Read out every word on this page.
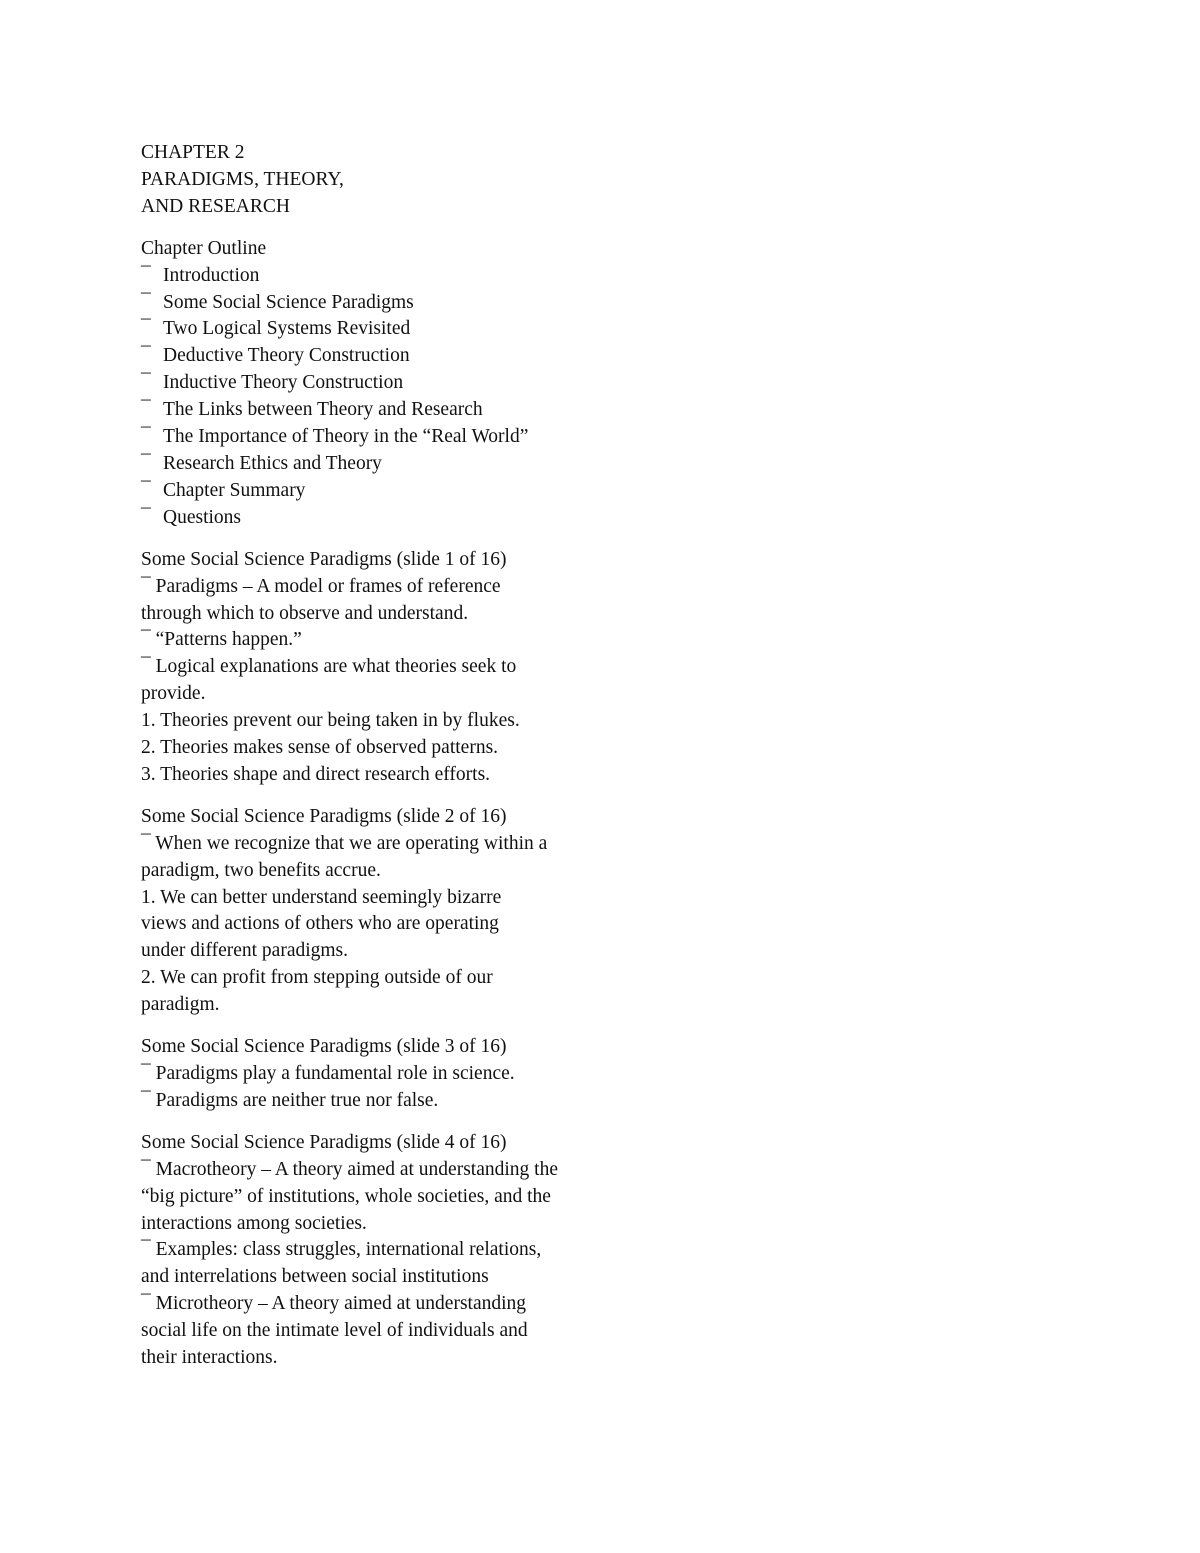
CHAPTER 2
PARADIGMS, THEORY,
AND RESEARCH
Chapter Outline
¯ Introduction
¯ Some Social Science Paradigms
¯ Two Logical Systems Revisited
¯ Deductive Theory Construction
¯ Inductive Theory Construction
¯ The Links between Theory and Research
¯ The Importance of Theory in the “Real World”
¯ Research Ethics and Theory
¯ Chapter Summary
¯ Questions
Some Social Science Paradigms (slide 1 of 16)
¯ Paradigms – A model or frames of reference
through which to observe and understand.
¯ “Patterns happen.”
¯ Logical explanations are what theories seek to
provide.
1. Theories prevent our being taken in by flukes.
2. Theories makes sense of observed patterns.
3. Theories shape and direct research efforts.
Some Social Science Paradigms (slide 2 of 16)
¯ When we recognize that we are operating within a
paradigm, two benefits accrue.
1. We can better understand seemingly bizarre
views and actions of others who are operating
under different paradigms.
2. We can profit from stepping outside of our
paradigm.
Some Social Science Paradigms (slide 3 of 16)
¯ Paradigms play a fundamental role in science.
¯ Paradigms are neither true nor false.
Some Social Science Paradigms (slide 4 of 16)
¯ Macrotheory – A theory aimed at understanding the
“big picture” of institutions, whole societies, and the
interactions among societies.
¯ Examples: class struggles, international relations,
and interrelations between social institutions
¯ Microtheory – A theory aimed at understanding
social life on the intimate level of individuals and
their interactions.
